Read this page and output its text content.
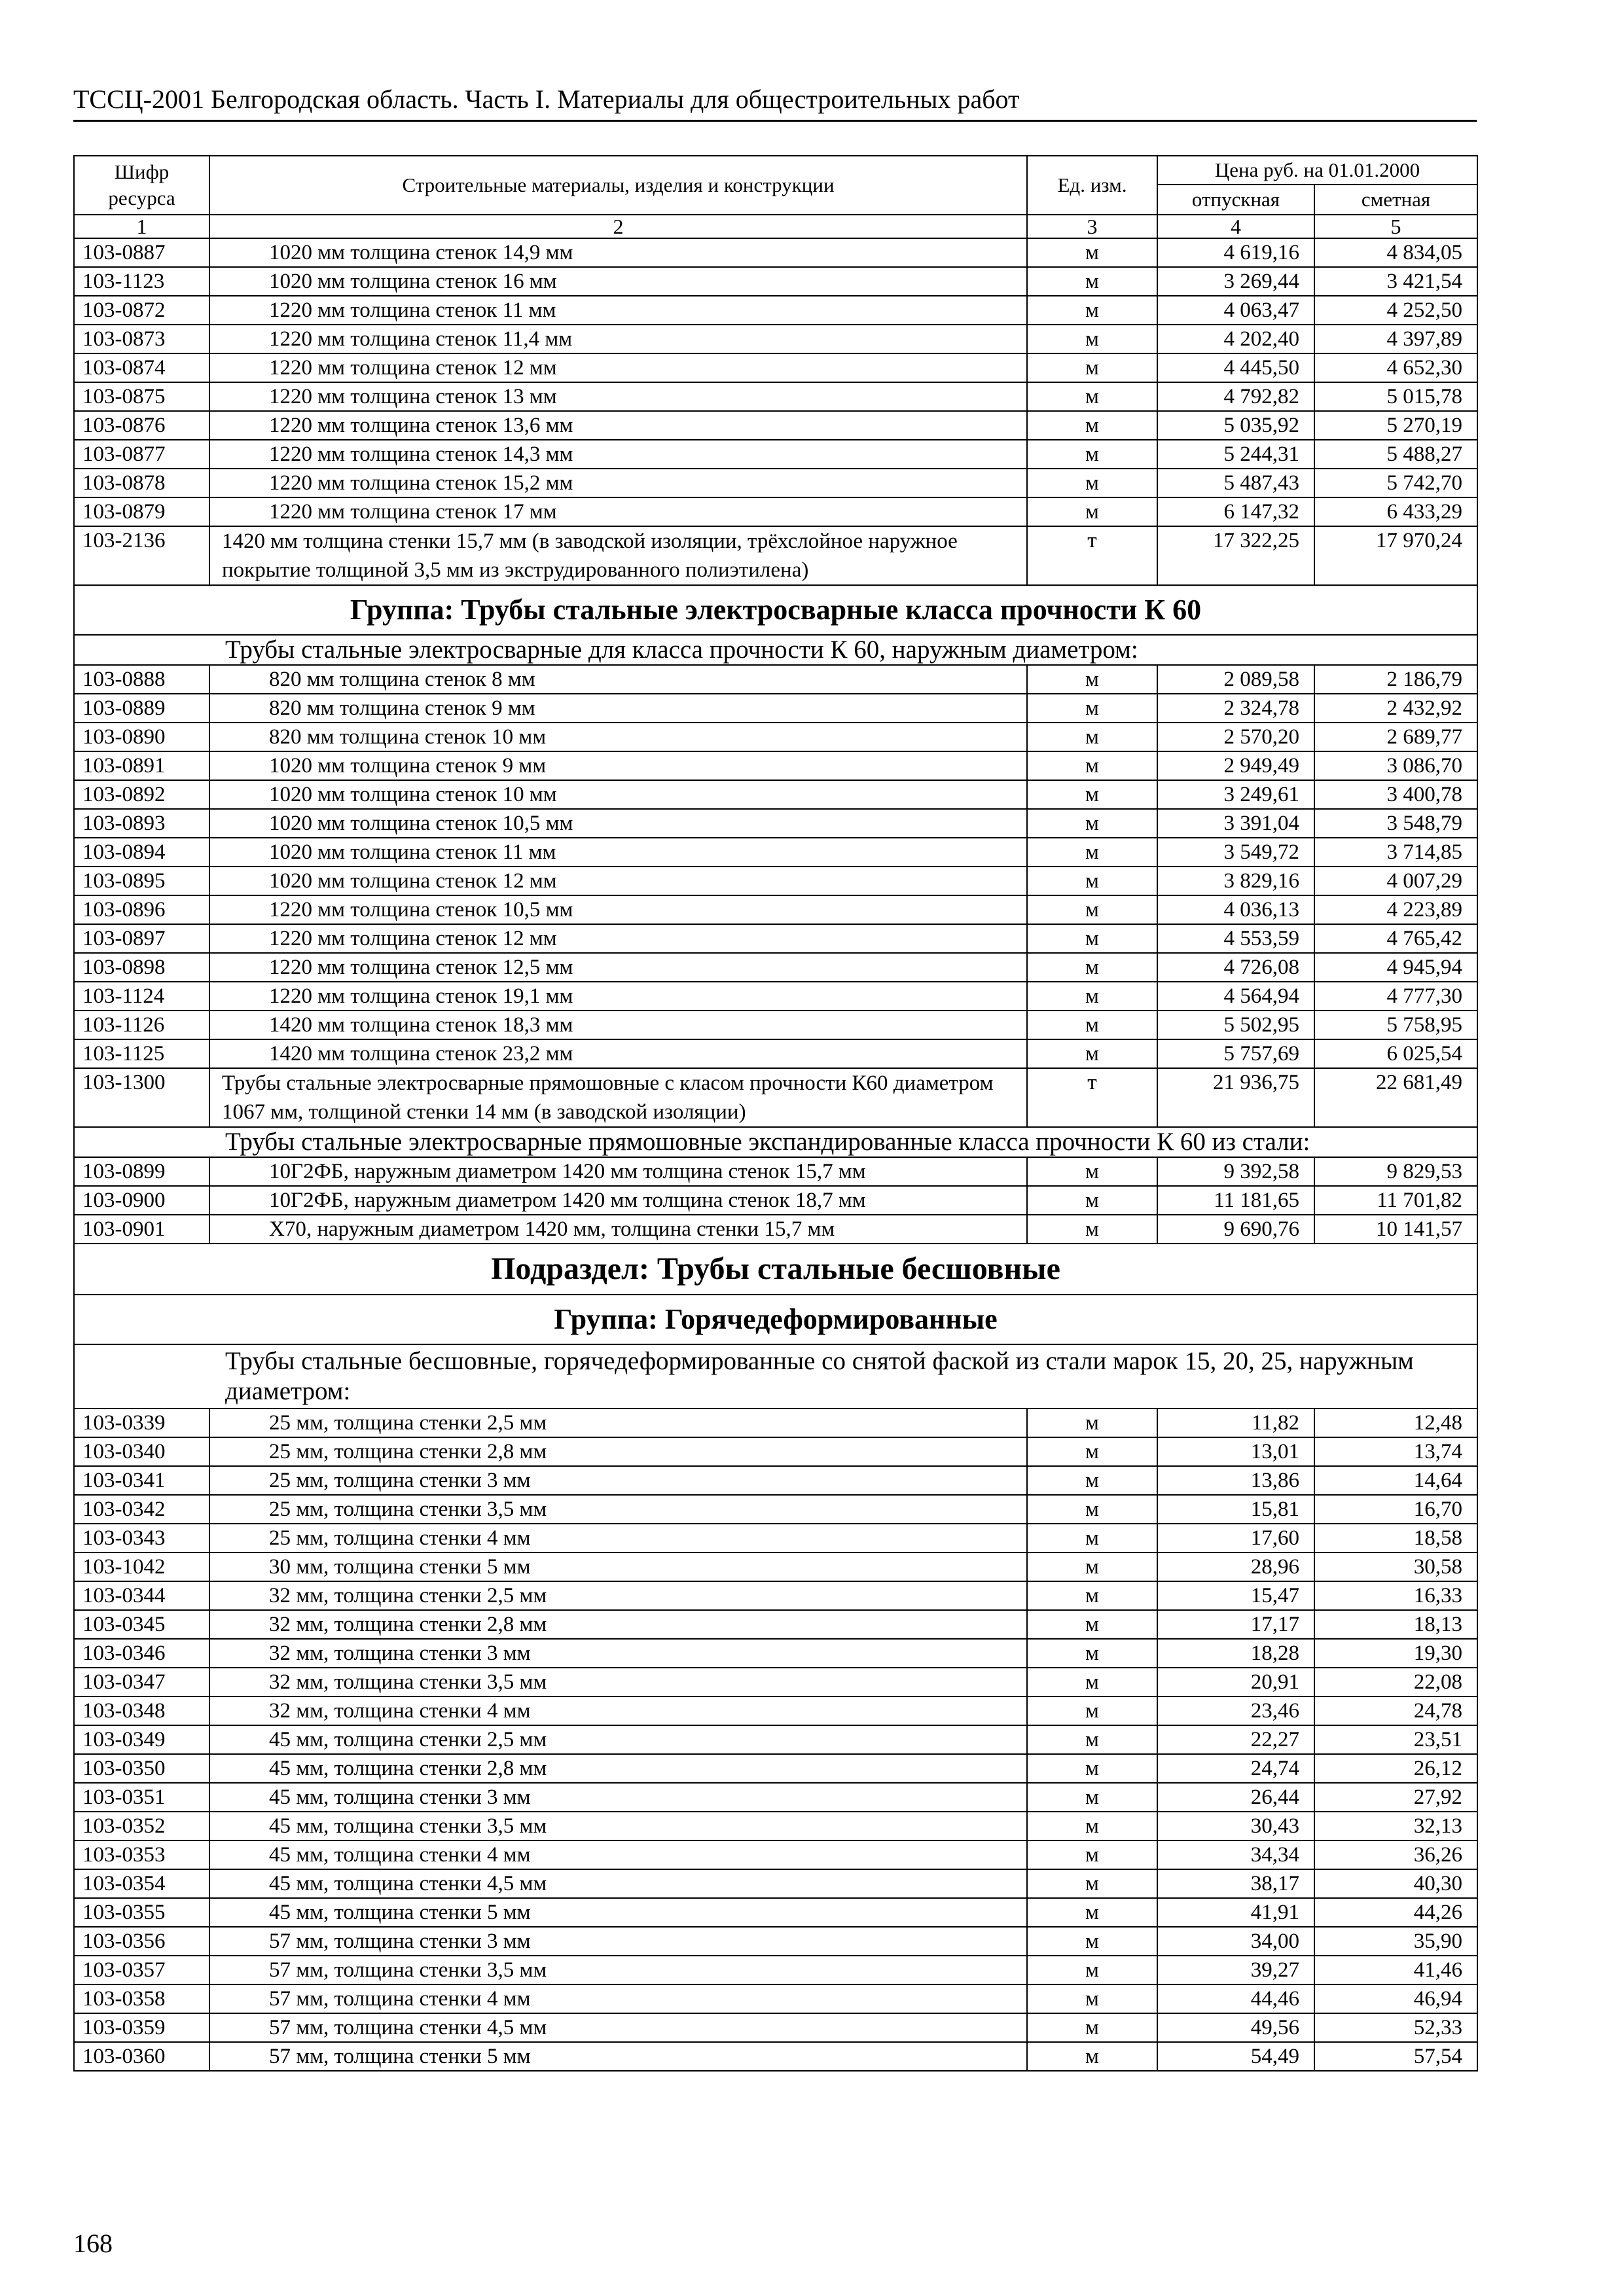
ТССЦ-2001 Белгородская область. Часть I. Материалы для общестроительных работ
Шифр ресурса	Строительные материалы, изделия и конструкции	Ед. изм.	Цена руб. на 01.01.2000	
			отпускная	сметная
1	2	3	4	5
103-0887	1020 мм толщина стенок 14,9 мм	м	4 619,16	4 834,05
103-1123	1020 мм толщина стенок 16 мм	м	3 269,44	3 421,54
103-0872	1220 мм толщина стенок 11 мм	м	4 063,47	4 252,50
103-0873	1220 мм толщина стенок 11,4 мм	м	4 202,40	4 397,89
103-0874	1220 мм толщина стенок 12 мм	м	4 445,50	4 652,30
103-0875	1220 мм толщина стенок 13 мм	м	4 792,82	5 015,78
103-0876	1220 мм толщина стенок 13,6 мм	м	5 035,92	5 270,19
103-0877	1220 мм толщина стенок 14,3 мм	м	5 244,31	5 488,27
103-0878	1220 мм толщина стенок 15,2 мм	м	5 487,43	5 742,70
103-0879	1220 мм толщина стенок 17 мм	м	6 147,32	6 433,29
103-2136	1420 мм толщина стенки 15,7 мм (в заводской изоляции, трёхслойное наружное покрытие толщиной 3,5 мм из экструдированного полиэтилена)	т	17 322,25	17 970,24
Группа: Трубы стальные электросварные класса прочности К 60				
Трубы стальные электросварные для класса прочности К 60, наружным диаметром:				
103-0888	820 мм толщина стенок 8 мм	м	2 089,58	2 186,79
103-0889	820 мм толщина стенок 9 мм	м	2 324,78	2 432,92
103-0890	820 мм толщина стенок 10 мм	м	2 570,20	2 689,77
103-0891	1020 мм толщина стенок 9 мм	м	2 949,49	3 086,70
103-0892	1020 мм толщина стенок 10 мм	м	3 249,61	3 400,78
103-0893	1020 мм толщина стенок 10,5 мм	м	3 391,04	3 548,79
103-0894	1020 мм толщина стенок 11 мм	м	3 549,72	3 714,85
103-0895	1020 мм толщина стенок 12 мм	м	3 829,16	4 007,29
103-0896	1220 мм толщина стенок 10,5 мм	м	4 036,13	4 223,89
103-0897	1220 мм толщина стенок 12 мм	м	4 553,59	4 765,42
103-0898	1220 мм толщина стенок 12,5 мм	м	4 726,08	4 945,94
103-1124	1220 мм толщина стенок 19,1 мм	м	4 564,94	4 777,30
103-1126	1420 мм толщина стенок 18,3 мм	м	5 502,95	5 758,95
103-1125	1420 мм толщина стенок 23,2 мм	м	5 757,69	6 025,54
103-1300	Трубы стальные электросварные прямошовные с класом прочности К60 диаметром 1067 мм, толщиной стенки 14 мм (в заводской изоляции)	т	21 936,75	22 681,49
Трубы стальные электросварные прямошовные экспандированные класса прочности К 60 из стали:				
103-0899	10Г2ФБ, наружным диаметром 1420 мм толщина стенок 15,7 мм	м	9 392,58	9 829,53
103-0900	10Г2ФБ, наружным диаметром 1420 мм толщина стенок 18,7 мм	м	11 181,65	11 701,82
103-0901	Х70, наружным диаметром 1420 мм, толщина стенки 15,7 мм	м	9 690,76	10 141,57
Подраздел: Трубы стальные бесшовные				
Группа: Горячедеформированные				
Трубы стальные бесшовные, горячедеформированные со снятой фаской из стали марок 15, 20, 25, наружным диаметром:				
103-0339	25 мм, толщина стенки 2,5 мм	м	11,82	12,48
103-0340	25 мм, толщина стенки 2,8 мм	м	13,01	13,74
103-0341	25 мм, толщина стенки 3 мм	м	13,86	14,64
103-0342	25 мм, толщина стенки 3,5 мм	м	15,81	16,70
103-0343	25 мм, толщина стенки 4 мм	м	17,60	18,58
103-1042	30 мм, толщина стенки 5 мм	м	28,96	30,58
103-0344	32 мм, толщина стенки 2,5 мм	м	15,47	16,33
103-0345	32 мм, толщина стенки 2,8 мм	м	17,17	18,13
103-0346	32 мм, толщина стенки 3 мм	м	18,28	19,30
103-0347	32 мм, толщина стенки 3,5 мм	м	20,91	22,08
103-0348	32 мм, толщина стенки 4 мм	м	23,46	24,78
103-0349	45 мм, толщина стенки 2,5 мм	м	22,27	23,51
103-0350	45 мм, толщина стенки 2,8 мм	м	24,74	26,12
103-0351	45 мм, толщина стенки 3 мм	м	26,44	27,92
103-0352	45 мм, толщина стенки 3,5 мм	м	30,43	32,13
103-0353	45 мм, толщина стенки 4 мм	м	34,34	36,26
103-0354	45 мм, толщина стенки 4,5 мм	м	38,17	40,30
103-0355	45 мм, толщина стенки 5 мм	м	41,91	44,26
103-0356	57 мм, толщина стенки 3 мм	м	34,00	35,90
103-0357	57 мм, толщина стенки 3,5 мм	м	39,27	41,46
103-0358	57 мм, толщина стенки 4 мм	м	44,46	46,94
103-0359	57 мм, толщина стенки 4,5 мм	м	49,56	52,33
103-0360	57 мм, толщина стенки 5 мм	м	54,49	57,54
168
